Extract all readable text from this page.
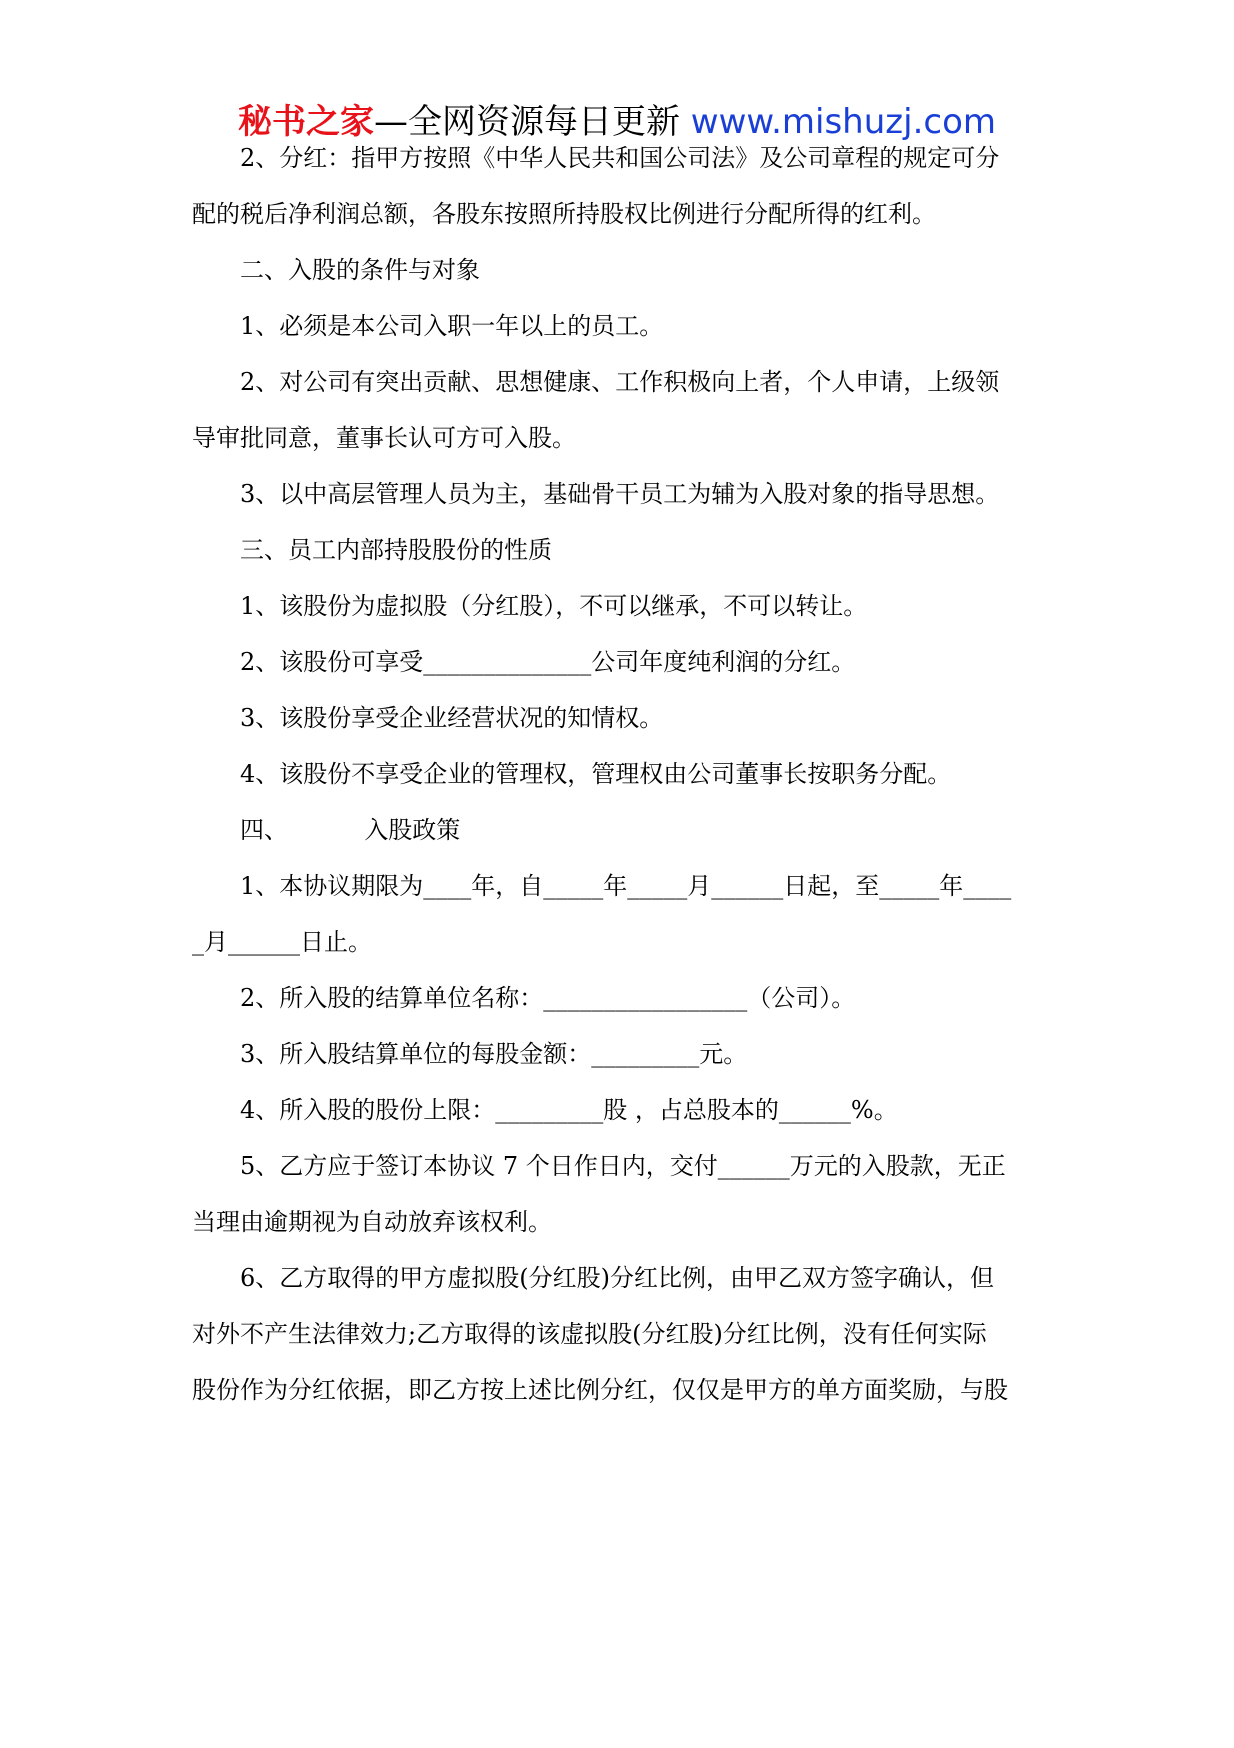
秘书之家—全网资源每日更新 www.mishuzj.com
2、分红：指甲方按照《中华人民共和国公司法》及公司章程的规定可分
配的税后净利润总额，各股东按照所持股权比例进行分配所得的红利。
二、入股的条件与对象
1、必须是本公司入职一年以上的员工。
2、对公司有突出贡献、思想健康、工作积极向上者，个人申请，上级领
导审批同意，董事长认可方可入股。
3、以中高层管理人员为主，基础骨干员工为辅为入股对象的指导思想。
三、员工内部持股股份的性质
1、该股份为虚拟股（分红股），不可以继承，不可以转让。
2、该股份可享受______________公司年度纯利润的分红。
3、该股份享受企业经营状况的知情权。
4、该股份不享受企业的管理权，管理权由公司董事长按职务分配。
四、          入股政策
1、本协议期限为____年，自_____年_____月______日起，至_____年____
_月______日止。
2、所入股的结算单位名称：_________________（公司）。
3、所入股结算单位的每股金额：_________元。
4、所入股的股份上限：_________股 ，占总股本的______%。
5、乙方应于签订本协议 7 个日作日内，交付______万元的入股款，无正
当理由逾期视为自动放弃该权利。
6、乙方取得的甲方虚拟股(分红股)分红比例，由甲乙双方签字确认，但
对外不产生法律效力;乙方取得的该虚拟股(分红股)分红比例，没有任何实际
股份作为分红依据，即乙方按上述比例分红，仅仅是甲方的单方面奖励，与股
